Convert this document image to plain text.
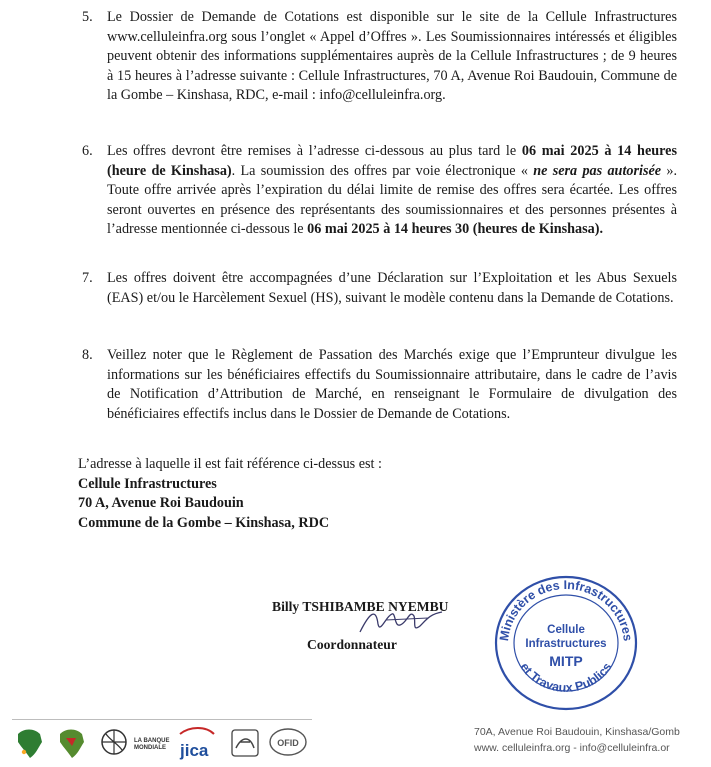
5. Le Dossier de Demande de Cotations est disponible sur le site de la Cellule Infrastructures www.celluleinfra.org sous l’onglet « Appel d’Offres ». Les Soumissionnaires intéressés et éligibles peuvent obtenir des informations supplémentaires auprès de la Cellule Infrastructures ; de 9 heures à 15 heures à l’adresse suivante : Cellule Infrastructures, 70 A, Avenue Roi Baudouin, Commune de la Gombe – Kinshasa, RDC, e-mail : info@celluleinfra.org.
6. Les offres devront être remises à l’adresse ci-dessous au plus tard le 06 mai 2025 à 14 heures (heure de Kinshasa). La soumission des offres par voie électronique « ne sera pas autorisée ». Toute offre arrivée après l’expiration du délai limite de remise des offres sera écartée. Les offres seront ouvertes en présence des représentants des soumissionnaires et des personnes présentes à l’adresse mentionnée ci-dessous le 06 mai 2025 à 14 heures 30 (heures de Kinshasa).
7. Les offres doivent être accompagnées d’une Déclaration sur l’Exploitation et les Abus Sexuels (EAS) et/ou le Harcèlement Sexuel (HS), suivant le modèle contenu dans la Demande de Cotations.
8. Veillez noter que le Règlement de Passation des Marchés exige que l’Emprunteur divulgue les informations sur les bénéficiaires effectifs du Soumissionnaire attributaire, dans le cadre de l’avis de Notification d’Attribution de Marché, en renseignant le Formulaire de divulgation des bénéficiaires effectifs inclus dans le Dossier de Demande de Cotations.
L’adresse à laquelle il est fait référence ci-dessus est :
Cellule Infrastructures
70 A, Avenue Roi Baudouin
Commune de la Gombe – Kinshasa, RDC
Billy TSHIBAMBE NYEMBU
Coordonnateur
Ministère des Infrastructures
et Travaux Publics
Cellule
Infrastructures
MITP
LA BANQUE
MONDIALE jica	OFID
70A, Avenue Roi Baudouin, Kinshasa/Gomb
www. celluleinfra.org - info@celluleinfra.or
